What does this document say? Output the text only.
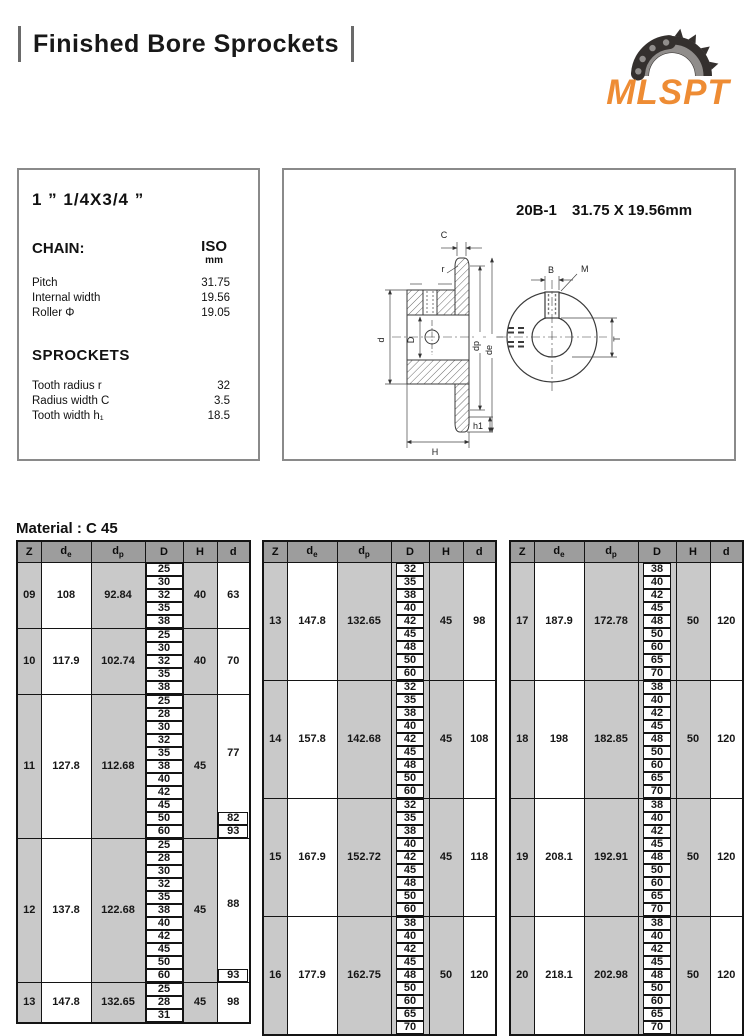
Finished Bore Sprockets
MLSPT
1 ” 1/4X3/4 ”
CHAIN:	ISO
mm
Pitch	31.75
Internal width	19.56
Roller Φ	19.05
SPROCKETS
Tooth radius r	32
Radius width C	3.5
Tooth width h₁	18.5
20B-1 31.75 X 19.56mm
d D
dp de
C
r
h1
H
B	M
T
Material : C 45
Z	$d_e$	$d_p$	D	H	d
09	108	92.84	25	40	63

			30		

			32		

			35		

			38		

10	117.9	102.74	25	40	70

			30		

			32		

			35		

			38		

11	127.8	112.68	25	45	77

			28		

			30		

			32		

			35		

			38		

			40		

			42		

			45		

			50		82

			60		93

12	137.8	122.68	25	45	88

			28		

			30		

			32		

			35		

			38		

			40		

			42		

			45		

			50		

			60		93

13	147.8	132.65	25	45	98

			28		

			31		
Z	$d_e$	$d_p$	D	H	d
13	147.8	132.65	32	45	98

			35		

			38		

			40		

			42		

			45		

			48		

			50		

			60		

14	157.8	142.68	32	45	108

			35		

			38		

			40		

			42		

			45		

			48		

			50		

			60		

15	167.9	152.72	32	45	118

			35		

			38		

			40		

			42		

			45		

			48		

			50		

			60		

16	177.9	162.75	38	50	120

			40		

			42		

			45		

			48		

			50		

			60		

			65		

			70		
Z	$d_e$	$d_p$	D	H	d
17	187.9	172.78	38	50	120

			40		

			42		

			45		

			48		

			50		

			60		

			65		

			70		

18	198	182.85	38	50	120

			40		

			42		

			45		

			48		

			50		

			60		

			65		

			70		

19	208.1	192.91	38	50	120

			40		

			42		

			45		

			48		

			50		

			60		

			65		

			70		

20	218.1	202.98	38	50	120

			40		

			42		

			45		

			48		

			50		

			60		

			65		

			70		
